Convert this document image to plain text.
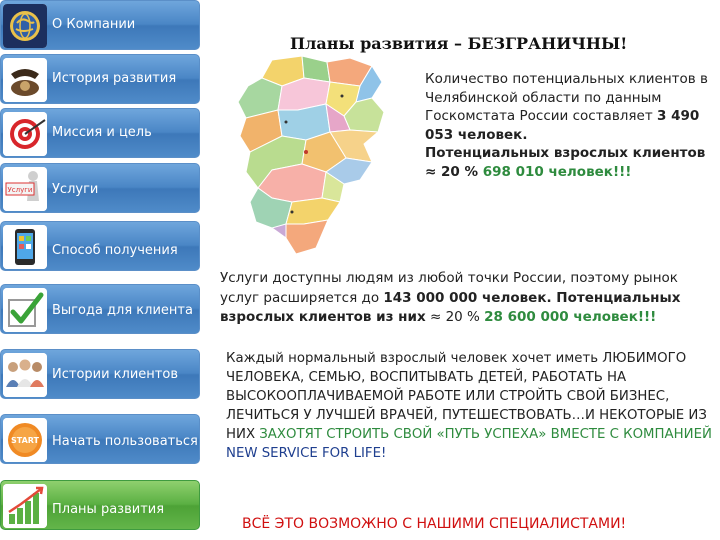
О Компании
История развития
Миссия и цель
Услуги Услуги
Способ получения
Выгода для клиента
Истории клиентов
START Начать пользоваться
Планы развития
Планы развития – БЕЗГРАНИЧНЫ!
Количество потенциальных клиентов в Челябинской области по данным Госкомстата России составляет 3 490 053 человек.
Потенциальных взрослых клиентов ≈ 20 % 698 010 человек!!!
Услуги доступны людям из любой точки России, поэтому рынок услуг расширяется до 143 000 000 человек. Потенциальных взрослых клиентов из них ≈ 20 % 28 600 000 человек!!!
Каждый нормальный взрослый человек хочет иметь ЛЮБИМОГО ЧЕЛОВЕКА, СЕМЬЮ, ВОСПИТЫВАТЬ ДЕТЕЙ, РАБОТАТЬ НА ВЫСОКООПЛАЧИВАЕМОЙ РАБОТЕ ИЛИ СТРОЙТЬ СВОЙ БИЗНЕС, ЛЕЧИТЬСЯ У ЛУЧШЕЙ ВРАЧЕЙ, ПУТЕШЕСТВОВАТЬ…И НЕКОТОРЫЕ ИЗ НИХ ЗАХОТЯТ СТРОИТЬ СВОЙ «ПУТЬ УСПЕХА» ВМЕСТЕ С КОМПАНИЕЙ NEW SERVICE FOR LIFE!
ВСЁ ЭТО ВОЗМОЖНО С НАШИМИ СПЕЦИАЛИСТАМИ!
